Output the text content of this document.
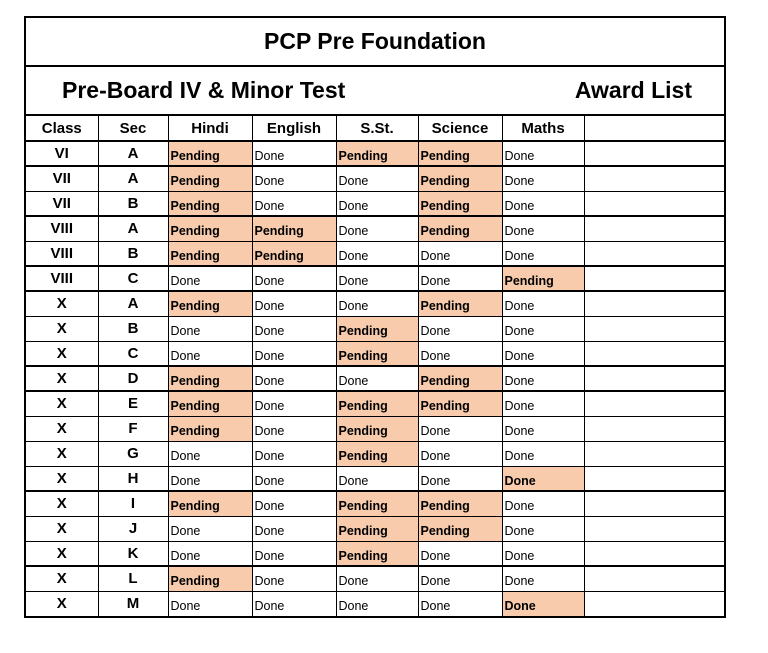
PCP Pre Foundation
Pre-Board IV & Minor Test	Award List
Class	Sec	Hindi	English	S.St.	Science	Maths	
VI	A	Pending	Done	Pending	Pending	Done	
VII	A	Pending	Done	Done	Pending	Done	
VII	B	Pending	Done	Done	Pending	Done	
VIII	A	Pending	Pending	Done	Pending	Done	
VIII	B	Pending	Pending	Done	Done	Done	
VIII	C	Done	Done	Done	Done	Pending	
X	A	Pending	Done	Done	Pending	Done	
X	B	Done	Done	Pending	Done	Done	
X	C	Done	Done	Pending	Done	Done	
X	D	Pending	Done	Done	Pending	Done	
X	E	Pending	Done	Pending	Pending	Done	
X	F	Pending	Done	Pending	Done	Done	
X	G	Done	Done	Pending	Done	Done	
X	H	Done	Done	Done	Done	Done	
X	I	Pending	Done	Pending	Pending	Done	
X	J	Done	Done	Pending	Pending	Done	
X	K	Done	Done	Pending	Done	Done	
X	L	Pending	Done	Done	Done	Done	
X	M	Done	Done	Done	Done	Done	
